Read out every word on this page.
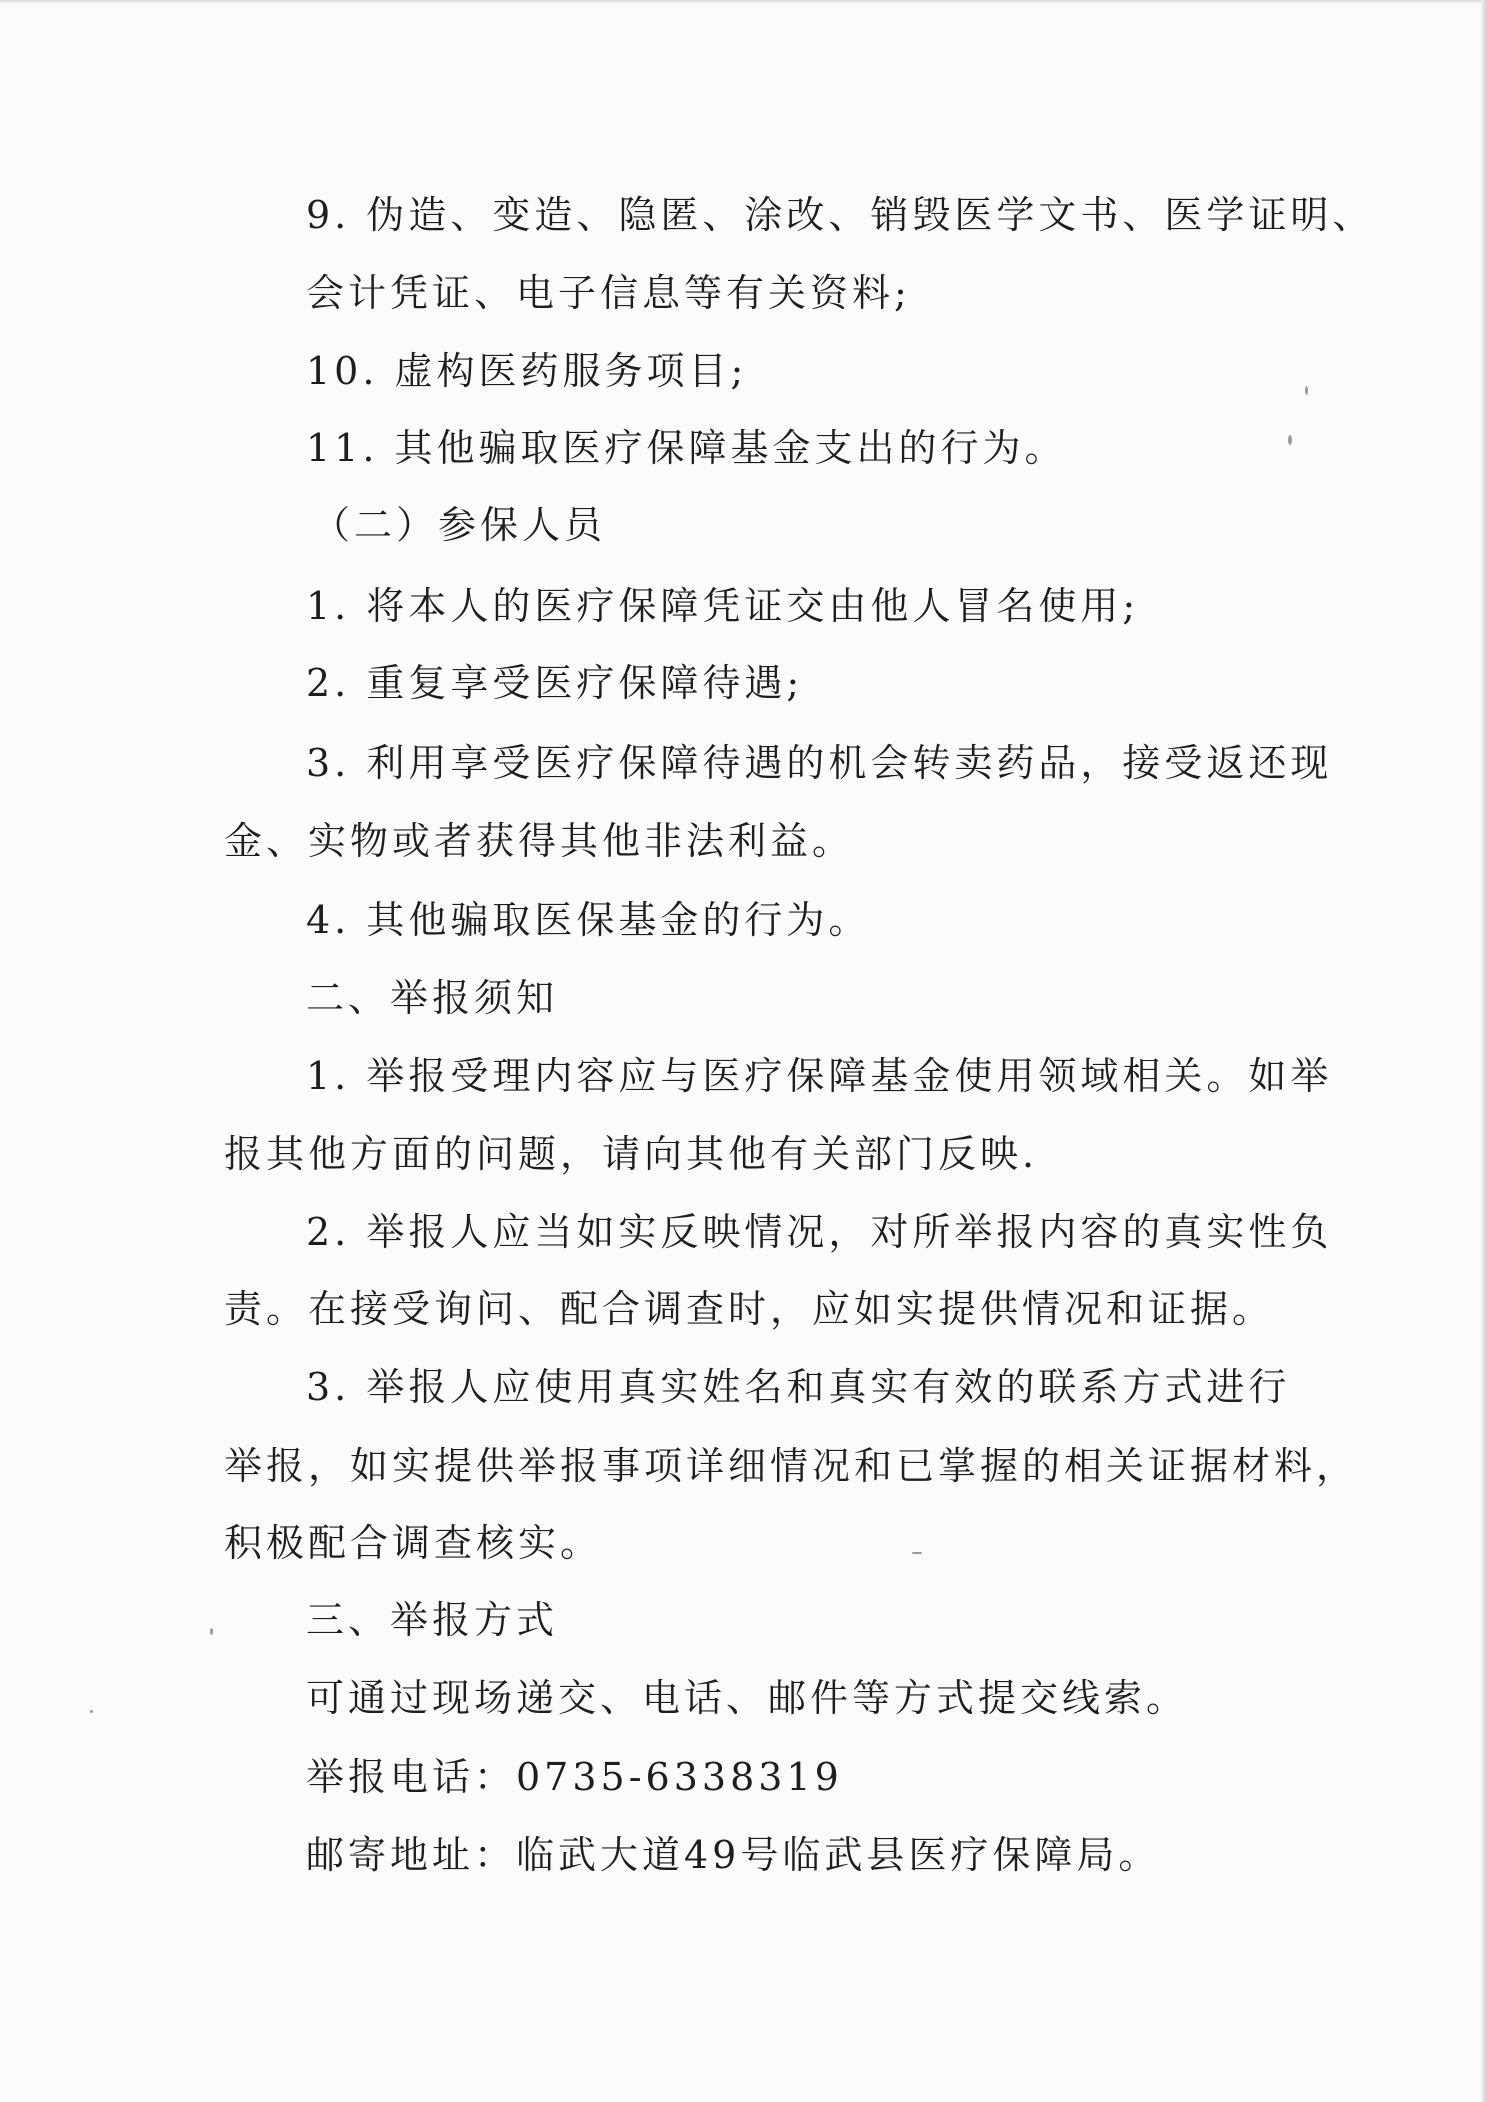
9. 伪造、变造、隐匿、涂改、销毁医学文书、医学证明、
会计凭证、电子信息等有关资料;
10. 虚构医药服务项目;
11. 其他骗取医疗保障基金支出的行为。
（二）参保人员
1. 将本人的医疗保障凭证交由他人冒名使用;
2. 重复享受医疗保障待遇;
3. 利用享受医疗保障待遇的机会转卖药品，接受返还现
金、实物或者获得其他非法利益。
4. 其他骗取医保基金的行为。
二、举报须知
1. 举报受理内容应与医疗保障基金使用领域相关。如举
报其他方面的问题，请向其他有关部门反映.
2. 举报人应当如实反映情况，对所举报内容的真实性负
责。在接受询问、配合调查时，应如实提供情况和证据。
3. 举报人应使用真实姓名和真实有效的联系方式进行
举报，如实提供举报事项详细情况和已掌握的相关证据材料，
积极配合调查核实。
三、举报方式
可通过现场递交、电话、邮件等方式提交线索。
举报电话：0735-6338319
邮寄地址：临武大道49号临武县医疗保障局。
